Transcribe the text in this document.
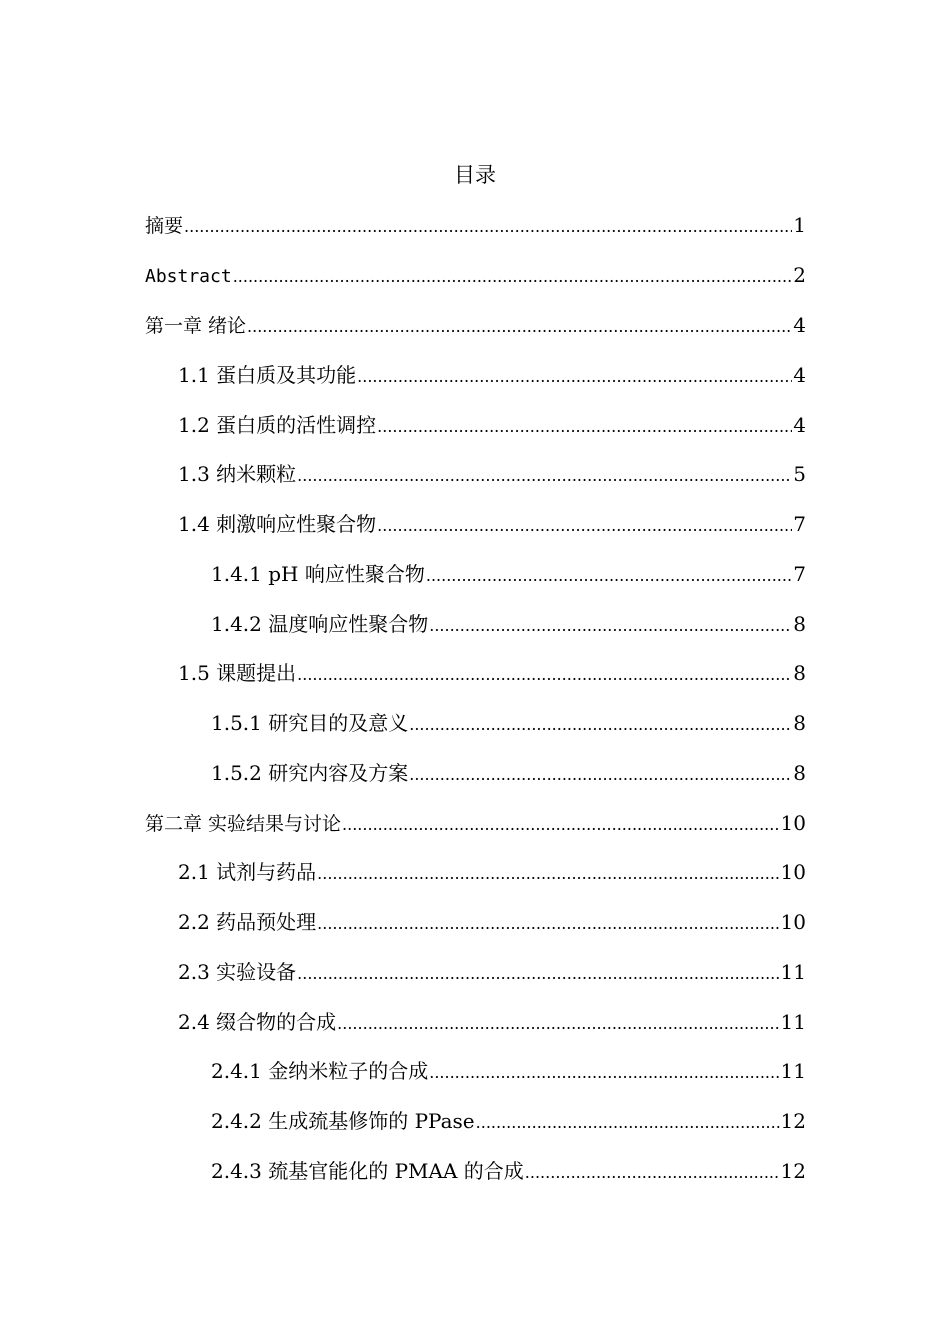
目录
摘要 .....	1
Abstract .....	2
第一章 绪论 .....	4
1.1 蛋白质及其功能 .....	4
1.2 蛋白质的活性调控 .....	4
1.3 纳米颗粒 .....	5
1.4 刺激响应性聚合物 .....	7
1.4.1 pH 响应性聚合物 .....	7
1.4.2 温度响应性聚合物 .....	8
1.5 课题提出 .....	8
1.5.1 研究目的及意义 .....	8
1.5.2 研究内容及方案 .....	8
第二章 实验结果与讨论 .....	10
2.1 试剂与药品 .....	10
2.2 药品预处理 .....	10
2.3 实验设备 .....	11
2.4 缀合物的合成 .....	11
2.4.1 金纳米粒子的合成 .....	11
2.4.2 生成巯基修饰的 PPase .....	12
2.4.3 巯基官能化的 PMAA 的合成 .....	12
